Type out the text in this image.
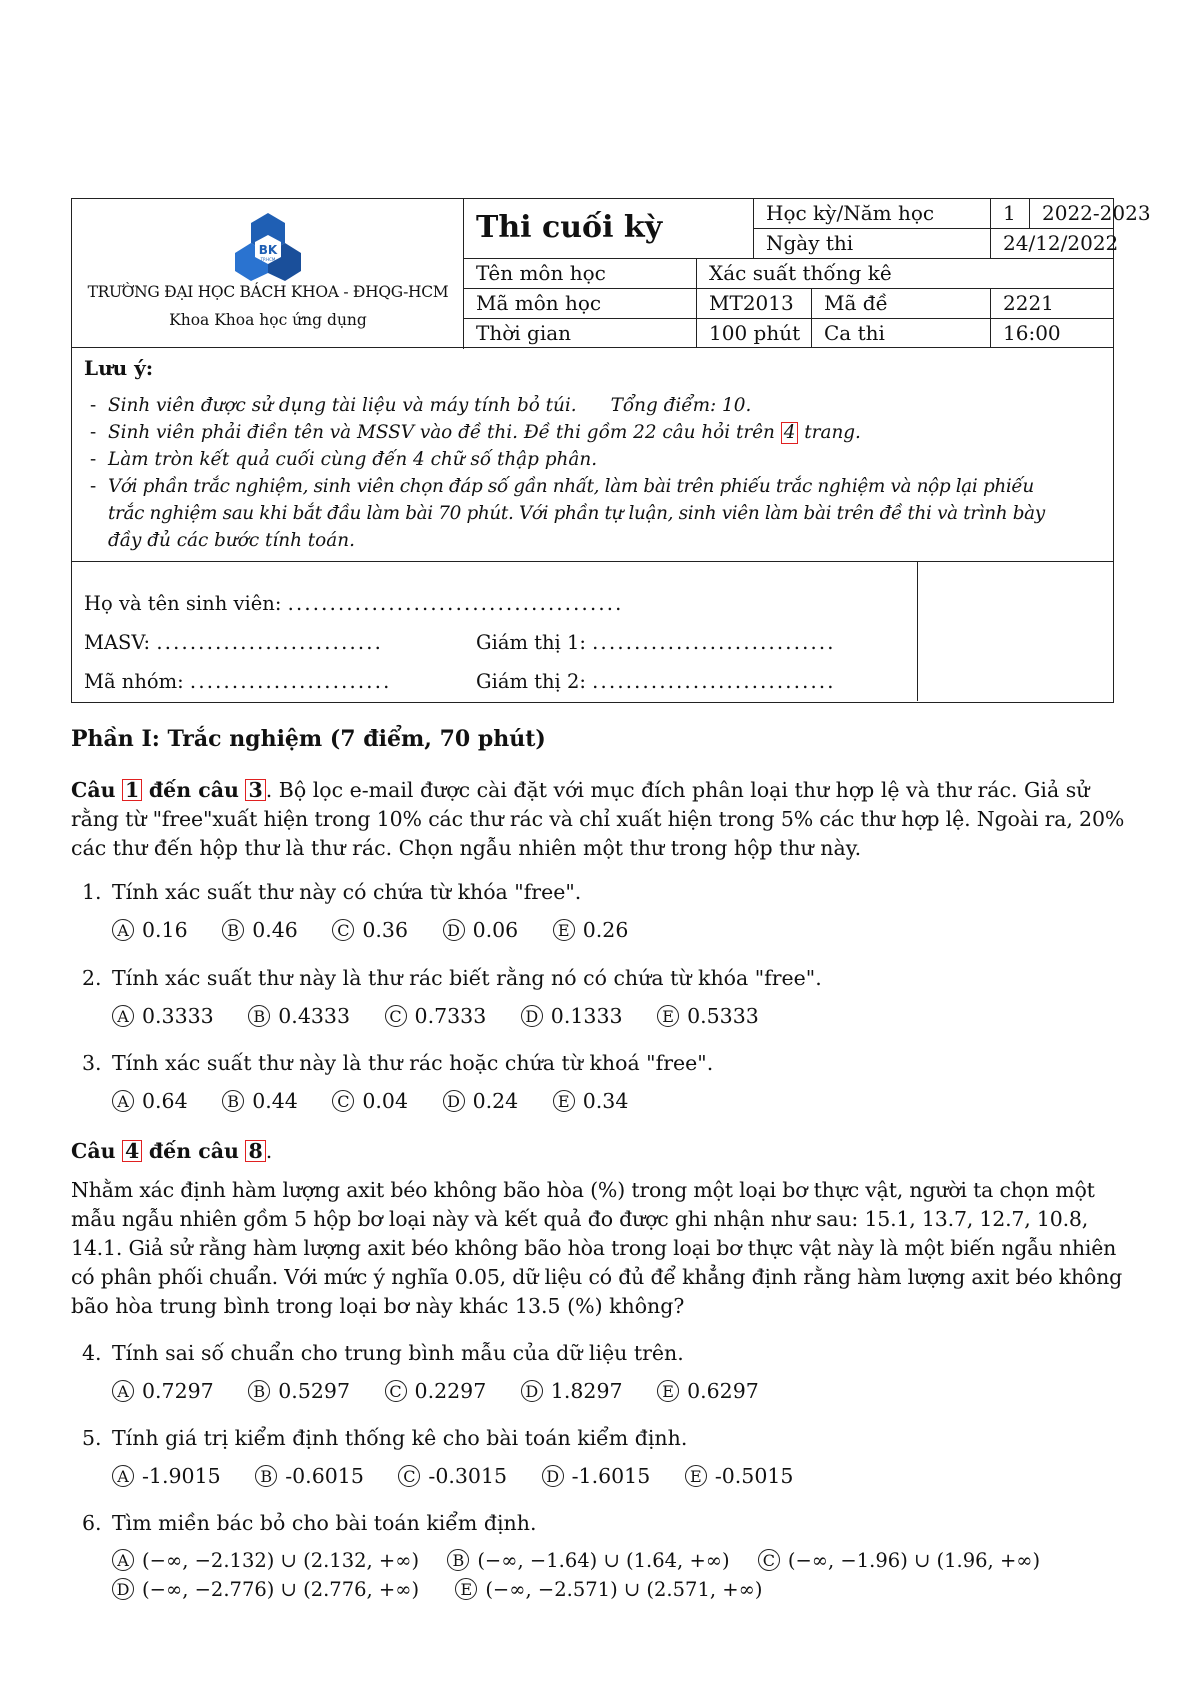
BK
TP.HCM
TRƯỜNG ĐẠI HỌC BÁCH KHOA - ĐHQG-HCM
Khoa Khoa học ứng dụng
Thi cuối kỳ	Học kỳ/Năm học	1	2022-2023
Ngày thi	24/12/2022
Tên môn học	Xác suất thống kê
Mã môn học	MT2013	Mã đề	2221
Thời gian	100 phút	Ca thi	16:00
Lưu ý:
- Sinh viên được sử dụng tài liệu và máy tính bỏ túi. Tổng điểm: 10.
- Sinh viên phải điền tên và MSSV vào đề thi. Đề thi gồm 22 câu hỏi trên 4 trang.
- Làm tròn kết quả cuối cùng đến 4 chữ số thập phân.
- Với phần trắc nghiệm, sinh viên chọn đáp số gần nhất, làm bài trên phiếu trắc nghiệm và nộp lại phiếu
trắc nghiệm sau khi bắt đầu làm bài 70 phút. Với phần tự luận, sinh viên làm bài trên đề thi và trình bày
đầy đủ các bước tính toán.
Họ và tên sinh viên: ........................................
MASV: ...........................
Mã nhóm: ........................
Giám thị 1: .............................
Giám thị 2: .............................
Phần I: Trắc nghiệm (7 điểm, 70 phút)
Câu 1 đến câu 3 . Bộ lọc e-mail được cài đặt với mục đích phân loại thư hợp lệ và thư rác. Giả sử
rằng từ "free"xuất hiện trong 10% các thư rác và chỉ xuất hiện trong 5% các thư hợp lệ. Ngoài ra, 20%
các thư đến hộp thư là thư rác. Chọn ngẫu nhiên một thư trong hộp thư này.
1. Tính xác suất thư này có chứa từ khóa "free".
A 0.16 B 0.46 C 0.36 D 0.06 E 0.26
2. Tính xác suất thư này là thư rác biết rằng nó có chứa từ khóa "free".
A 0.3333 B 0.4333 C 0.7333 D 0.1333 E 0.5333
3. Tính xác suất thư này là thư rác hoặc chứa từ khoá "free".
A 0.64 B 0.44 C 0.04 D 0.24 E 0.34
Câu 4 đến câu 8 .
Nhằm xác định hàm lượng axit béo không bão hòa (%) trong một loại bơ thực vật, người ta chọn một
mẫu ngẫu nhiên gồm 5 hộp bơ loại này và kết quả đo được ghi nhận như sau: 15.1, 13.7, 12.7, 10.8,
14.1. Giả sử rằng hàm lượng axit béo không bão hòa trong loại bơ thực vật này là một biến ngẫu nhiên
có phân phối chuẩn. Với mức ý nghĩa 0.05, dữ liệu có đủ để khẳng định rằng hàm lượng axit béo không
bão hòa trung bình trong loại bơ này khác 13.5 (%) không?
4. Tính sai số chuẩn cho trung bình mẫu của dữ liệu trên.
A 0.7297 B 0.5297 C 0.2297 D 1.8297 E 0.6297
5. Tính giá trị kiểm định thống kê cho bài toán kiểm định.
A -1.9015 B -0.6015 C -0.3015 D -1.6015 E -0.5015
6. Tìm miền bác bỏ cho bài toán kiểm định.
A (−∞, −2.132) ∪ (2.132, +∞) B (−∞, −1.64) ∪ (1.64, +∞) C (−∞, −1.96) ∪ (1.96, +∞)
D (−∞, −2.776) ∪ (2.776, +∞)	E (−∞, −2.571) ∪ (2.571, +∞)
